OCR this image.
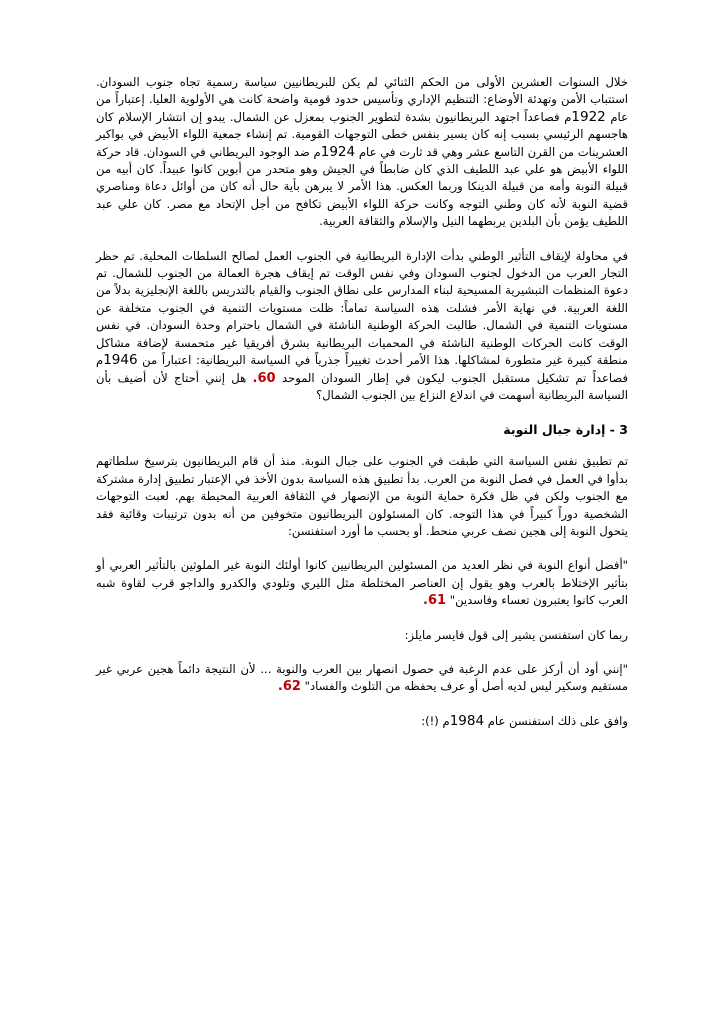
خلال السنوات العشرين الأولى من الحكم الثنائي لم يكن للبريطانيين سياسة رسمية تجاه جنوب السودان. استتباب الأمن وتهدئة الأوضاع: التنظيم الإداري وتأسيس حدود قومية واضحة كانت هي الأولوية العليا. إعتباراً من عام 1922م فصاعداً اجتهد البريطانيون بشدة لتطوير الجنوب بمعزل عن الشمال. يبدو إن انتشار الإسلام كان هاجسهم الرئيسي بسبب إنه كان يسير بنفس خطى التوجهات القومية. تم إنشاء جمعية اللواء الأبيض في بواكير العشرينات من القرن التاسع عشر وهي قد ثارت في عام 1924م ضد الوجود البريطاني في السودان. قاد حركة اللواء الأبيض هو علي عبد اللطيف الذي كان ضابطاً في الجيش وهو متحدر من أبوين كانوا عبيداً. كان أبيه من قبيلة النوبة وأمه من قبيلة الدينكا وربما العكس. هذا الأمر لا يبرهن بأية حال أنه كان من أوائل دعاة ومناصري قضية النوبة لأنه كان وطني التوجه وكانت حركة اللواء الأبيض تكافح من أجل الإتحاد مع مصر. كان علي عبد اللطيف يؤمن بأن البلدين يربطهما النيل والإسلام والثقافة العربية.

في محاولة لإيقاف التأثير الوطني بدأت الإدارة البريطانية في الجنوب العمل لصالح السلطات المحلية. تم حظر التجار العرب من الدخول لجنوب السودان وفي نفس الوقت تم إيقاف هجرة العمالة من الجنوب للشمال. تم دعوة المنظمات التبشيرية المسيحية لبناء المدارس على نطاق الجنوب والقيام بالتدريس باللغة الإنجليزية بدلاً من اللغة العربية. في نهاية الأمر فشلت هذه السياسة تماماً: ظلت مستويات التنمية في الجنوب متخلفة عن مستويات التنمية في الشمال. طالبت الحركة الوطنية الناشئة في الشمال باحترام وحدة السودان. في نفس الوقت كانت الحركات الوطنية الناشئة في المحميات البريطانية بشرق أفريقيا غير متحمسة لإضافة مشاكل منطقة كبيرة غير متطورة لمشاكلها. هذا الأمر أحدث تغييراً جذرياً في السياسة البريطانية: اعتباراً من 1946م فصاعداً تم تشكيل مستقبل الجنوب ليكون في إطار السودان الموحد 60. هل إنني أحتاج لأن أضيف بأن السياسة البريطانية أسهمت في اندلاع النزاع بين الجنوب الشمال؟

3 - إدارة جبال النوبة

تم تطبيق نفس السياسة التي طبقت في الجنوب على جبال النوبة. منذ أن قام البريطانيون بترسيخ سلطاتهم بدأوا في العمل في فصل النوبة من العرب. بدأ تطبيق هذه السياسة بدون الأخذ في الإعتبار تطبيق إدارة مشتركة مع الجنوب ولكن في ظل فكرة حماية النوبة من الإنصهار في الثقافة العربية المحيطة بهم. لعبت التوجهات الشخصية دوراً كبيراً في هذا التوجه. كان المسئولون البريطانيون متخوفين من أنه بدون ترتيبات وقائية فقد يتحول النوبة إلى هجين نصف عربي منحط. أو بحسب ما أورد استفنسن:

"أفضل أنواع النوبة في نظر العديد من المسئولين البريطانيين كانوا أولئك النوبة غير الملوثين بالتأثير العربي أو بتأثير الإختلاط بالعرب وهو يقول إن العناصر المختلطة مثل الليري وتلودي والكدرو والداجو قرب لقاوة شبه العرب كانوا يعتبرون تعساء وفاسدين" 61.

ربما كان استفنسن يشير إلى قول فايسر مايلز:

"إنني أود أن أركز على عدم الرغبة في حصول انصهار بين العرب والنوبة ... لأن النتيجة دائماً هجين عربي غير مستقيم وسكير ليس لديه أصل أو عرف يحفظه من التلوث والفساد" 62.

وافق على ذلك استفنسن عام 1984م (!):
